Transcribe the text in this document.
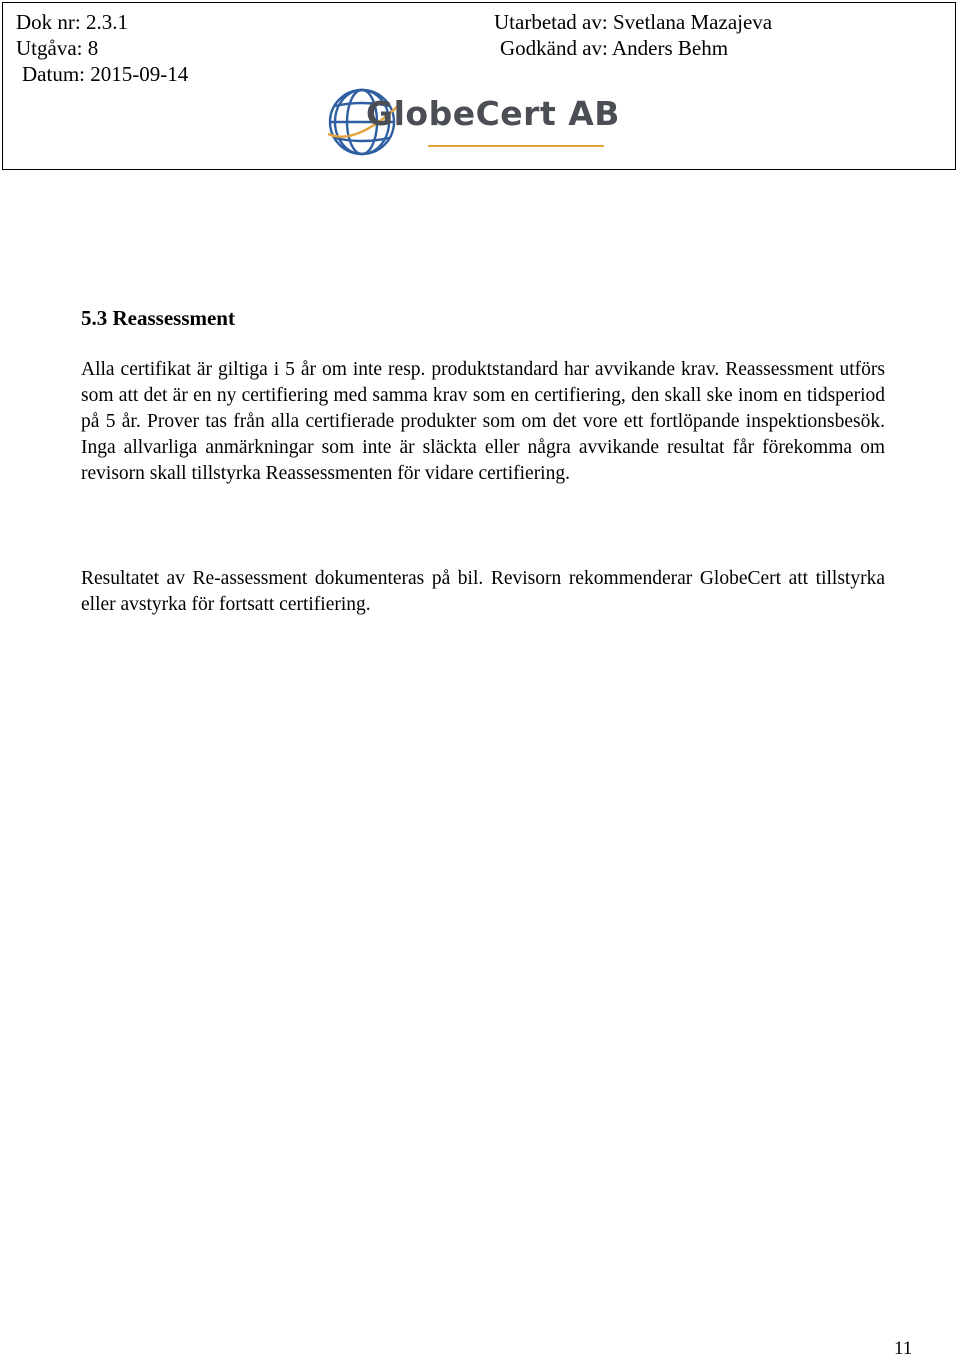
Dok nr: 2.3.1
Utgåva: 8
Datum: 2015-09-14
Utarbetad av: Svetlana Mazajeva
Godkänd av: Anders Behm
GlobeCert AB
5.3 Reassessment

Alla certifikat är giltiga i 5 år om inte resp. produktstandard har avvikande krav. Reassessment utförs som att det är en ny certifiering med samma krav som en certifiering, den skall ske inom en tidsperiod på 5 år. Prover tas från alla certifierade produkter som om det vore ett fortlöpande inspektionsbesök. Inga allvarliga anmärkningar som inte är släckta eller några avvikande resultat får förekomma om revisorn skall tillstyrka Reassessmenten för vidare certifiering.

Resultatet av Re-assessment dokumenteras på bil. Revisorn rekommenderar GlobeCert att tillstyrka eller avstyrka för fortsatt certifiering.

11
